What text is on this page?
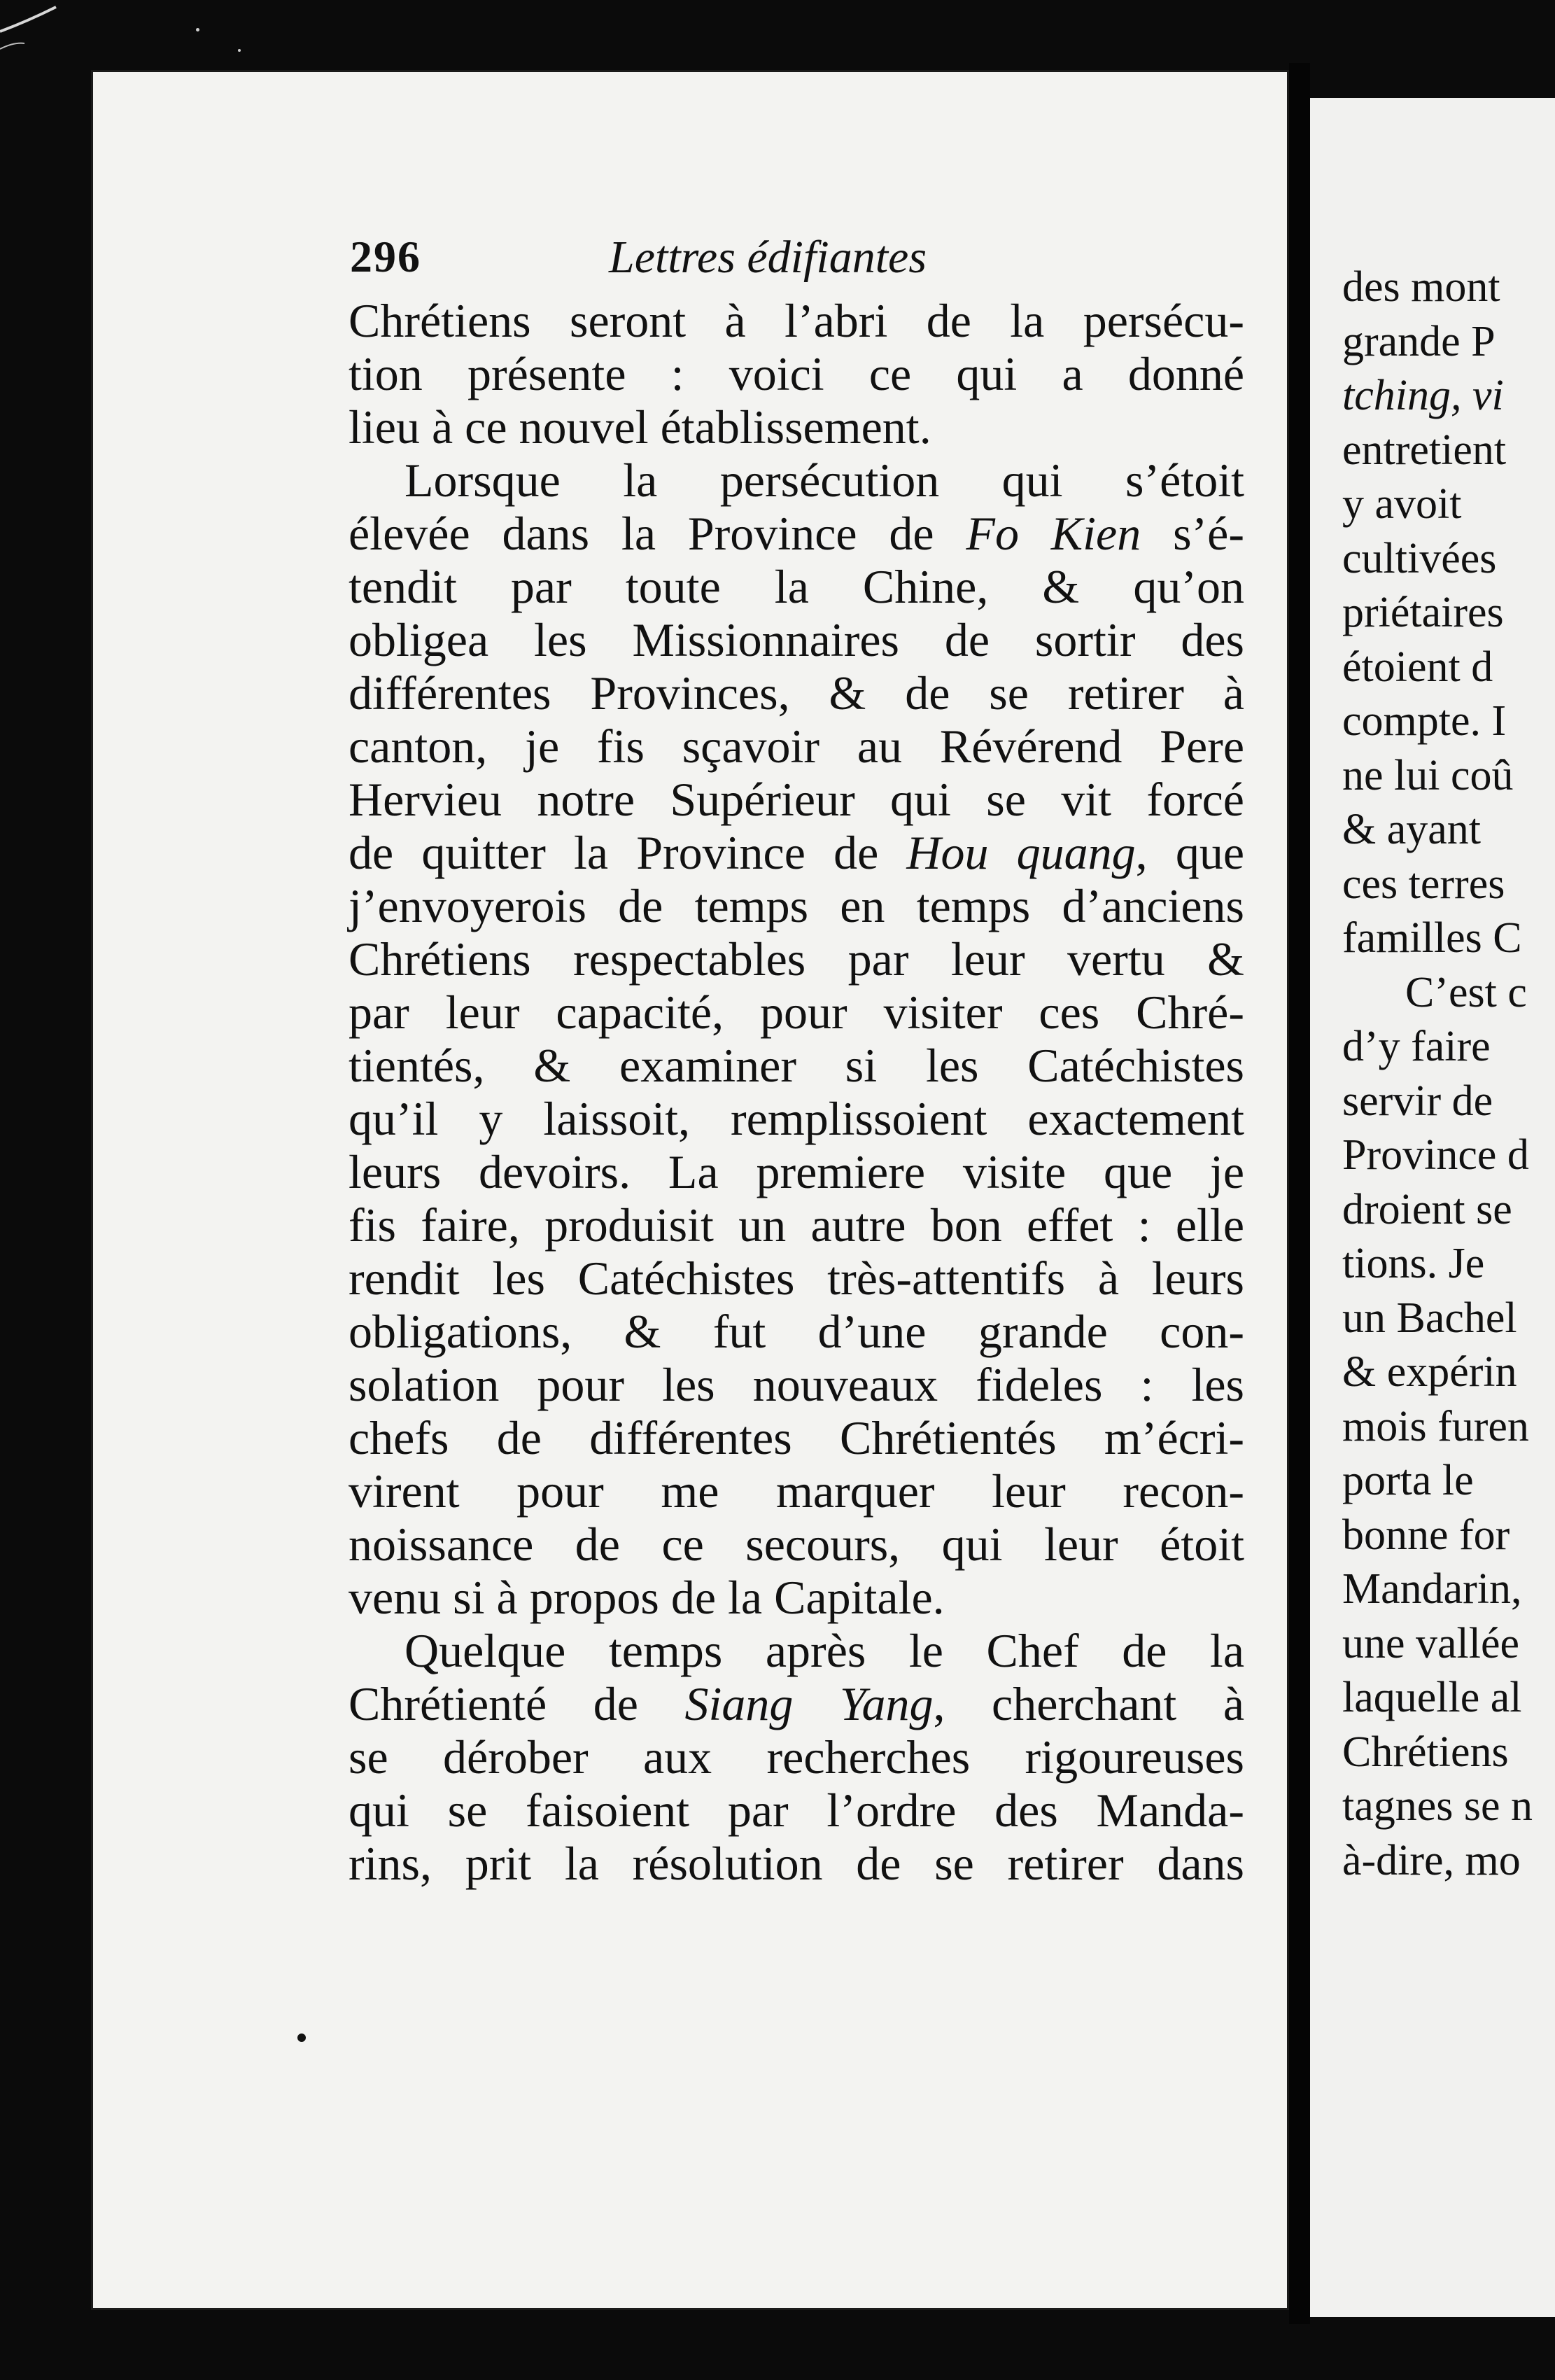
296	Lettres édifiantes
Chrétiens seront à l’abri de la persécu-
tion présente : voici ce qui a donné
lieu à ce nouvel établissement.
Lorsque la persécution qui s’étoit
élevée dans la Province de Fo Kien s’é-
tendit par toute la Chine, & qu’on
obligea les Missionnaires de sortir des
différentes Provinces, & de se retirer à
canton, je fis sçavoir au Révérend Pere
Hervieu notre Supérieur qui se vit forcé
de quitter la Province de Hou quang, que
j’envoyerois de temps en temps d’anciens
Chrétiens respectables par leur vertu &
par leur capacité, pour visiter ces Chré-
tientés, & examiner si les Catéchistes
qu’il y laissoit, remplissoient exactement
leurs devoirs. La premiere visite que je
fis faire, produisit un autre bon effet : elle
rendit les Catéchistes très-attentifs à leurs
obligations, & fut d’une grande con-
solation pour les nouveaux fideles : les
chefs de différentes Chrétientés m’écri-
virent pour me marquer leur recon-
noissance de ce secours, qui leur étoit
venu si à propos de la Capitale.
Quelque temps après le Chef de la
Chrétienté de Siang Yang, cherchant à
se dérober aux recherches rigoureuses
qui se faisoient par l’ordre des Manda-
rins, prit la résolution de se retirer dans
des mont
grande P
tching, vi
entretient
y avoit
cultivées
priétaires
étoient d
compte. I
ne lui coû
& ayant
ces terres
familles C
C’est c
d’y faire
servir de
Province d
droient se
tions. Je
un Bachel
& expérin
mois furen
porta le
bonne for
Mandarin,
une vallée
laquelle al
Chrétiens
tagnes se n
à-dire, mo
